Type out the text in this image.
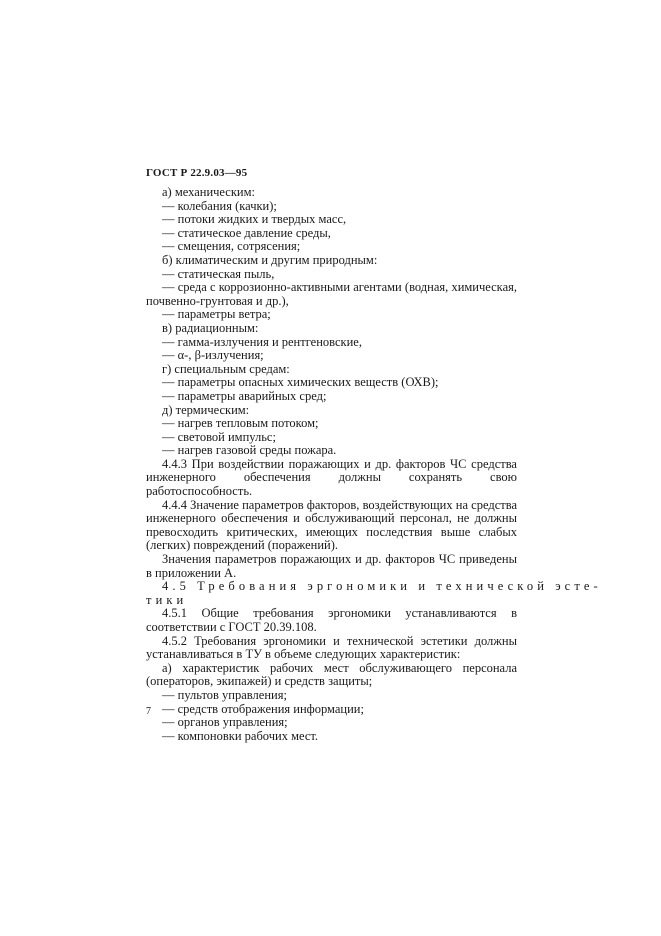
ГОСТ Р 22.9.03—95

а) механическим:

— колебания (качки);

— потоки жидких и твердых масс,

— статическое давление среды,

— смещения, сотрясения;

б) климатическим и другим природным:

— статическая пыль,

— среда с коррозионно-активными агентами (водная, химическая, почвенно-грунтовая и др.),

— параметры ветра;

в) радиационным:

— гамма-излучения и рентгеновские,

— α-, β-излучения;

г) специальным средам:

— параметры опасных химических веществ (ОХВ);

— параметры аварийных сред;

д) термическим:

— нагрев тепловым потоком;

— световой импульс;

— нагрев газовой среды пожара.

4.4.3 При воздействии поражающих и др. факторов ЧС средства инженерного обеспечения должны сохранять свою работоспособность.

4.4.4 Значение параметров факторов, воздействующих на средства инженерного обеспечения и обслуживающий персонал, не должны превосходить критических, имеющих последствия выше слабых (легких) повреждений (поражений).

Значения параметров поражающих и др. факторов ЧС приведены в приложении А.

4.5 Требования эргономики и технической эсте-

тики

4.5.1 Общие требования эргономики устанавливаются в соответствии с ГОСТ 20.39.108.

4.5.2 Требования эргономики и технической эстетики должны устанавливаться в ТУ в объеме следующих характеристик:

а) характеристик рабочих мест обслуживающего персонала (операторов, экипажей) и средств защиты;

— пультов управления;

— средств отображения информации;

— органов управления;

— компоновки рабочих мест.

7
